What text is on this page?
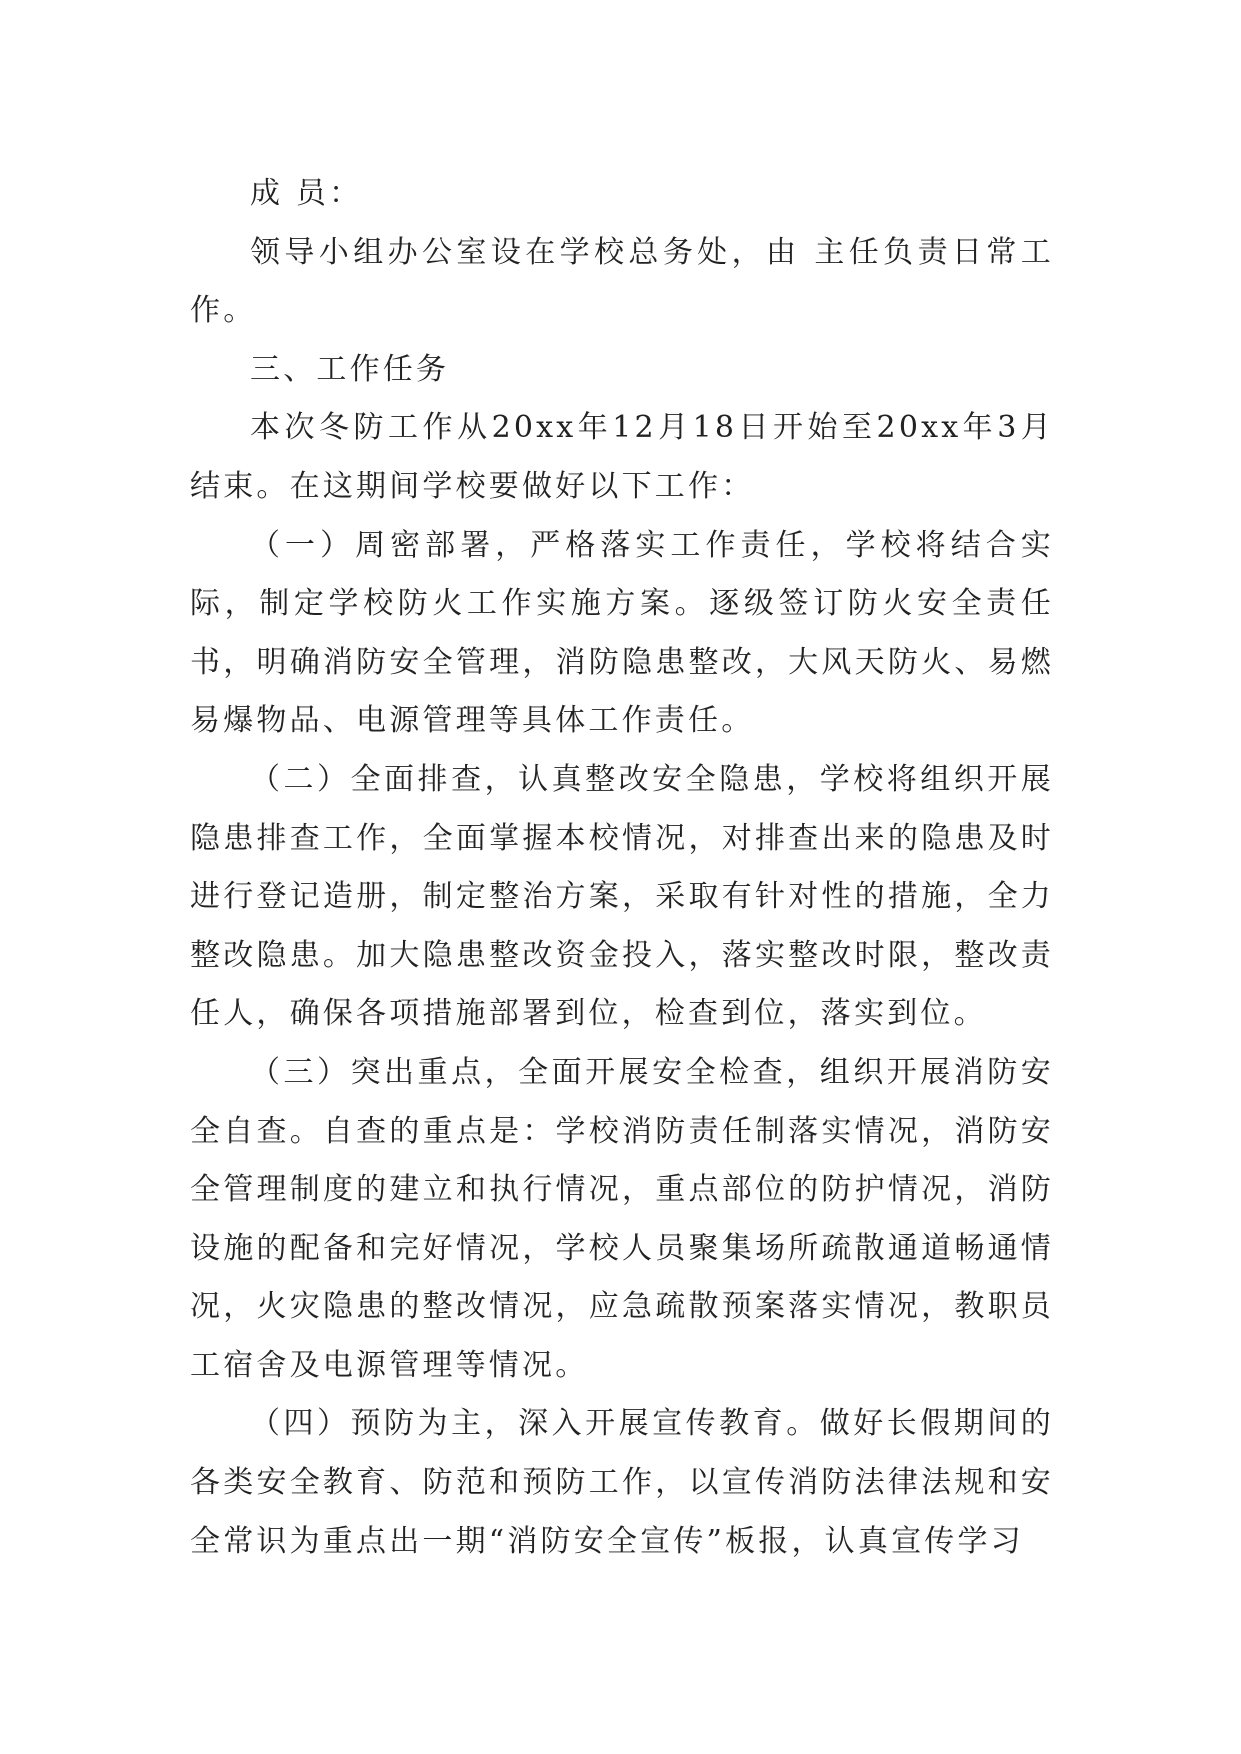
成 员：

领导小组办公室设在学校总务处，由 主任负责日常工作。

三、工作任务

本次冬防工作从20xx年12月18日开始至20xx年3月结束。在这期间学校要做好以下工作：

（一）周密部署，严格落实工作责任，学校将结合实际，制定学校防火工作实施方案。逐级签订防火安全责任书，明确消防安全管理，消防隐患整改，大风天防火、易燃易爆物品、电源管理等具体工作责任。

（二）全面排查，认真整改安全隐患，学校将组织开展隐患排查工作，全面掌握本校情况，对排查出来的隐患及时进行登记造册，制定整治方案，采取有针对性的措施，全力整改隐患。加大隐患整改资金投入，落实整改时限，整改责任人，确保各项措施部署到位，检查到位，落实到位。

（三）突出重点，全面开展安全检查，组织开展消防安全自查。自查的重点是：学校消防责任制落实情况，消防安全管理制度的建立和执行情况，重点部位的防护情况，消防设施的配备和完好情况，学校人员聚集场所疏散通道畅通情况，火灾隐患的整改情况，应急疏散预案落实情况，教职员工宿舍及电源管理等情况。

（四）预防为主，深入开展宣传教育。做好长假期间的各类安全教育、防范和预防工作，以宣传消防法律法规和安全常识为重点出一期“消防安全宣传”板报，认真宣传学习
